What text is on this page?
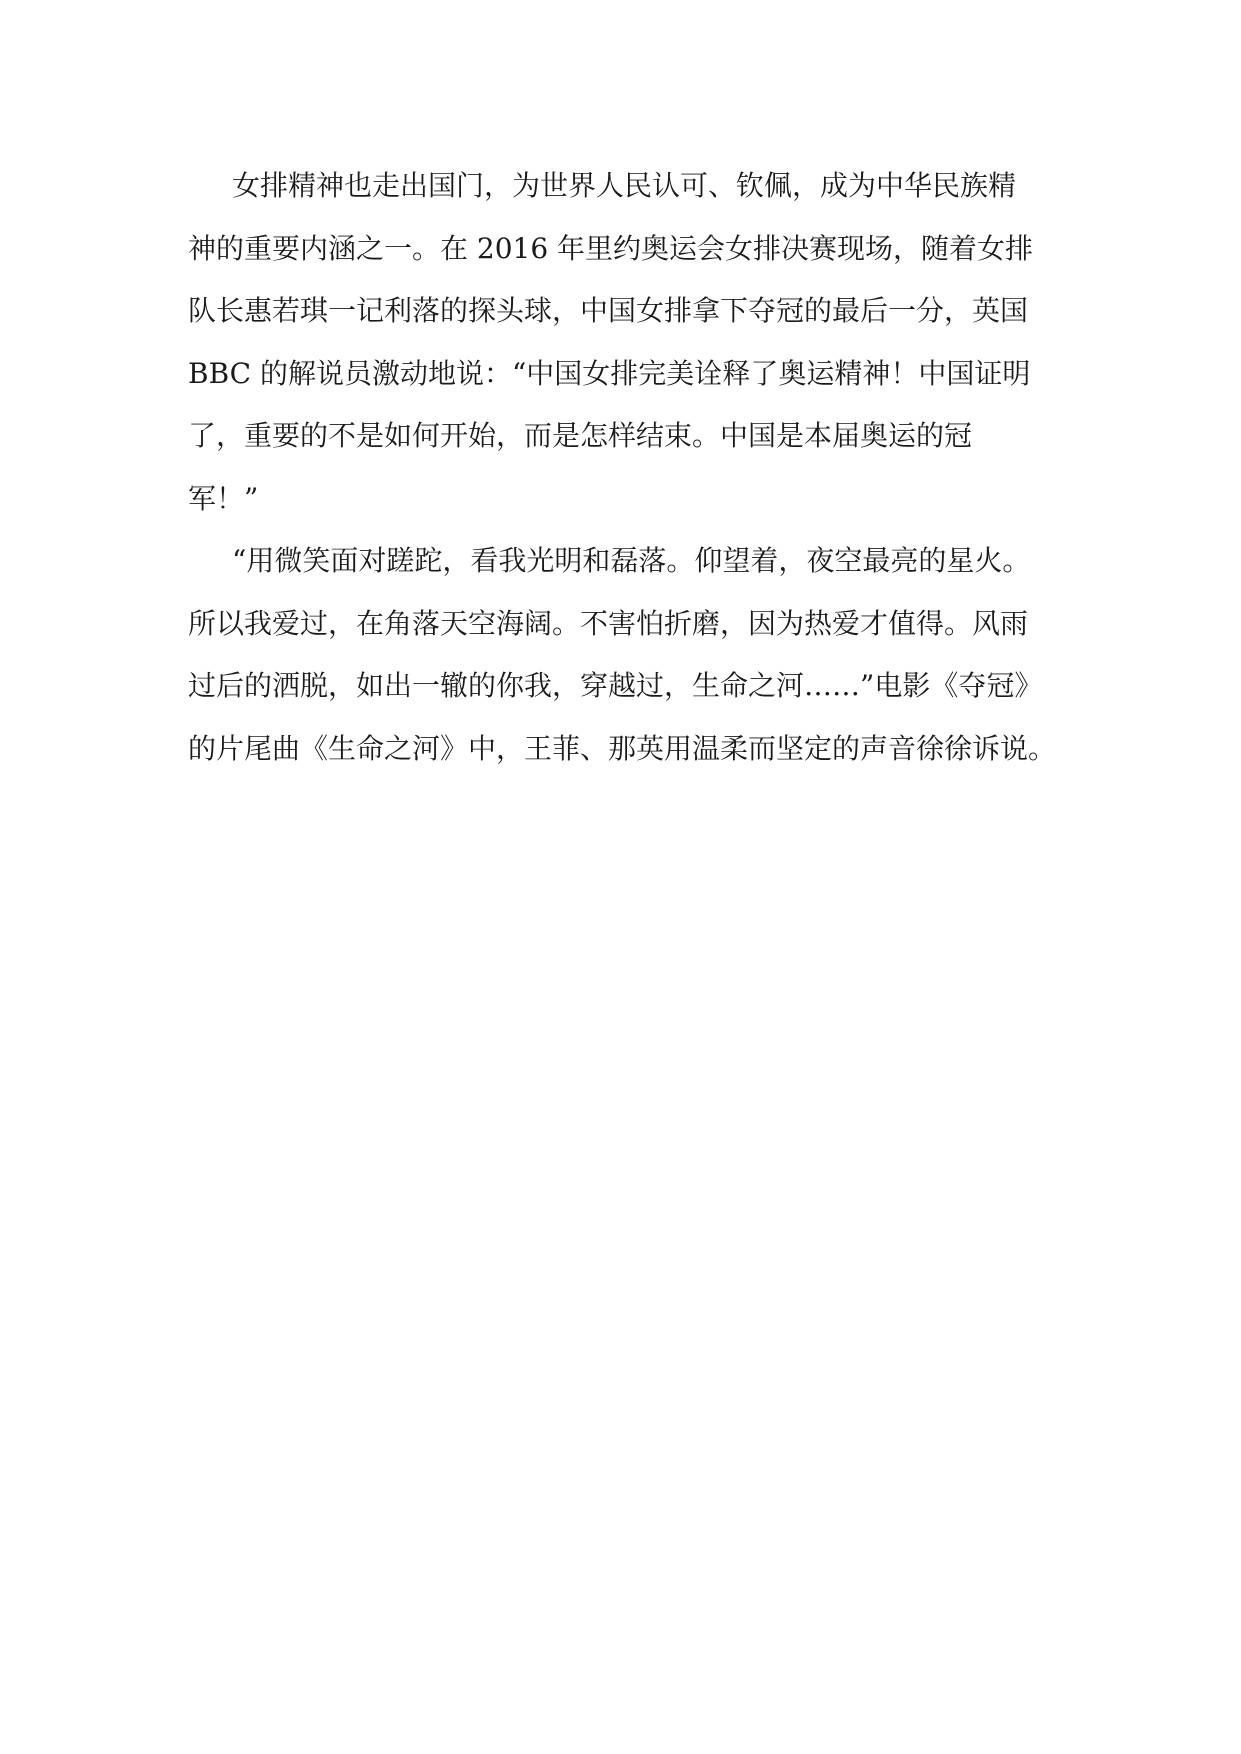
女排精神也走出国门，为世界人民认可、钦佩，成为中华民族精
神的重要内涵之一。在 2016 年里约奥运会女排决赛现场，随着女排
队长惠若琪一记利落的探头球，中国女排拿下夺冠的最后一分，英国
BBC 的解说员激动地说：“中国女排完美诠释了奥运精神！中国证明
了，重要的不是如何开始，而是怎样结束。中国是本届奥运的冠
军！”
“用微笑面对蹉跎，看我光明和磊落。仰望着，夜空最亮的星火。
所以我爱过，在角落天空海阔。不害怕折磨，因为热爱才值得。风雨
过后的洒脱，如出一辙的你我，穿越过，生命之河……”电影《夺冠》
的片尾曲《生命之河》中，王菲、那英用温柔而坚定的声音徐徐诉说。
